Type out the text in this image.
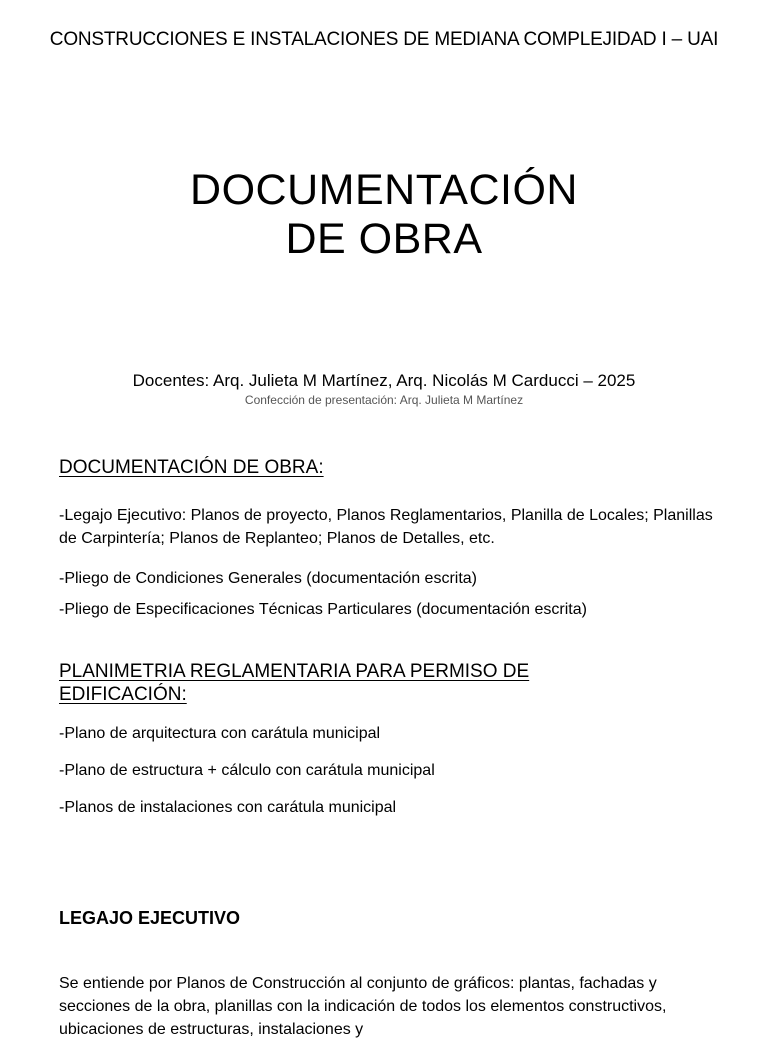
CONSTRUCCIONES E INSTALACIONES DE MEDIANA COMPLEJIDAD I – UAI
DOCUMENTACIÓN
DE OBRA
Docentes: Arq. Julieta M Martínez, Arq. Nicolás M Carducci – 2025
Confección de presentación: Arq. Julieta M Martínez
DOCUMENTACIÓN DE OBRA:
-Legajo Ejecutivo: Planos de proyecto, Planos Reglamentarios, Planilla de Locales; Planillas de Carpintería; Planos de Replanteo; Planos de Detalles, etc.
-Pliego de Condiciones Generales (documentación escrita)
-Pliego de Especificaciones Técnicas Particulares (documentación escrita)
PLANIMETRIA REGLAMENTARIA PARA PERMISO DE EDIFICACIÓN:
-Plano de arquitectura con carátula municipal
-Plano de estructura + cálculo con carátula municipal
-Planos de instalaciones con carátula municipal
LEGAJO EJECUTIVO
Se entiende por Planos de Construcción al conjunto de gráficos: plantas, fachadas y secciones de la obra, planillas con la indicación de todos los elementos constructivos, ubicaciones de estructuras, instalaciones y
